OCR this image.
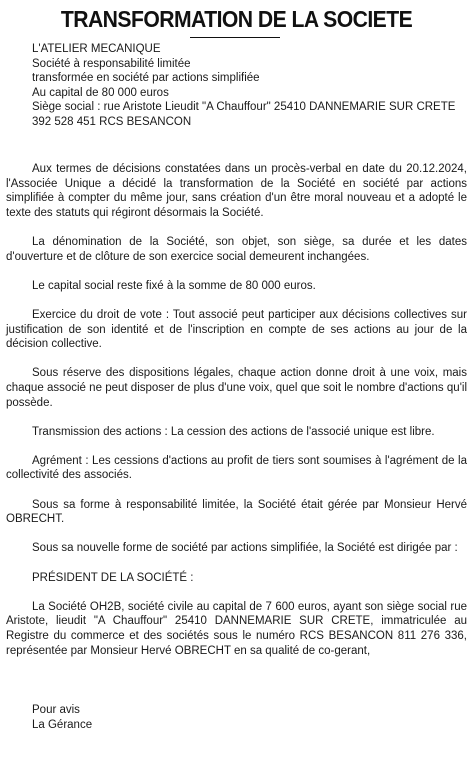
TRANSFORMATION DE LA SOCIETE
L'ATELIER MECANIQUE
Société à responsabilité limitée
transformée en société par actions simplifiée
Au capital de 80 000 euros
Siège social : rue Aristote Lieudit "A Chauffour" 25410 DANNEMARIE SUR CRETE
392 528 451 RCS BESANCON

Aux termes de décisions constatées dans un procès-verbal en date du 20.12.2024, l'Associée Unique a décidé la transformation de la Société en société par actions simplifiée à compter du même jour, sans création d'un être moral nouveau et a adopté le texte des statuts qui régiront désormais la Société.

La dénomination de la Société, son objet, son siège, sa durée et les dates d'ouverture et de clôture de son exercice social demeurent inchangées.

Le capital social reste fixé à la somme de 80 000 euros.

Exercice du droit de vote : Tout associé peut participer aux décisions collectives sur justification de son identité et de l'inscription en compte de ses actions au jour de la décision collective.

Sous réserve des dispositions légales, chaque action donne droit à une voix, mais chaque associé ne peut disposer de plus d'une voix, quel que soit le nombre d'actions qu'il possède.

Transmission des actions : La cession des actions de l'associé unique est libre.

Agrément : Les cessions d'actions au profit de tiers sont soumises à l'agrément de la collectivité des associés.

Sous sa forme à responsabilité limitée, la Société était gérée par Monsieur Hervé OBRECHT.

Sous sa nouvelle forme de société par actions simplifiée, la Société est dirigée par :

PRÉSIDENT DE LA SOCIÉTÉ :

La Société OH2B, société civile au capital de 7 600 euros, ayant son siège social rue Aristote, lieudit "A Chauffour" 25410 DANNEMARIE SUR CRETE, immatriculée au Registre du commerce et des sociétés sous le numéro RCS BESANCON 811 276 336, représentée par Monsieur Hervé OBRECHT en sa qualité de co-gerant,

Pour avis
La Gérance
